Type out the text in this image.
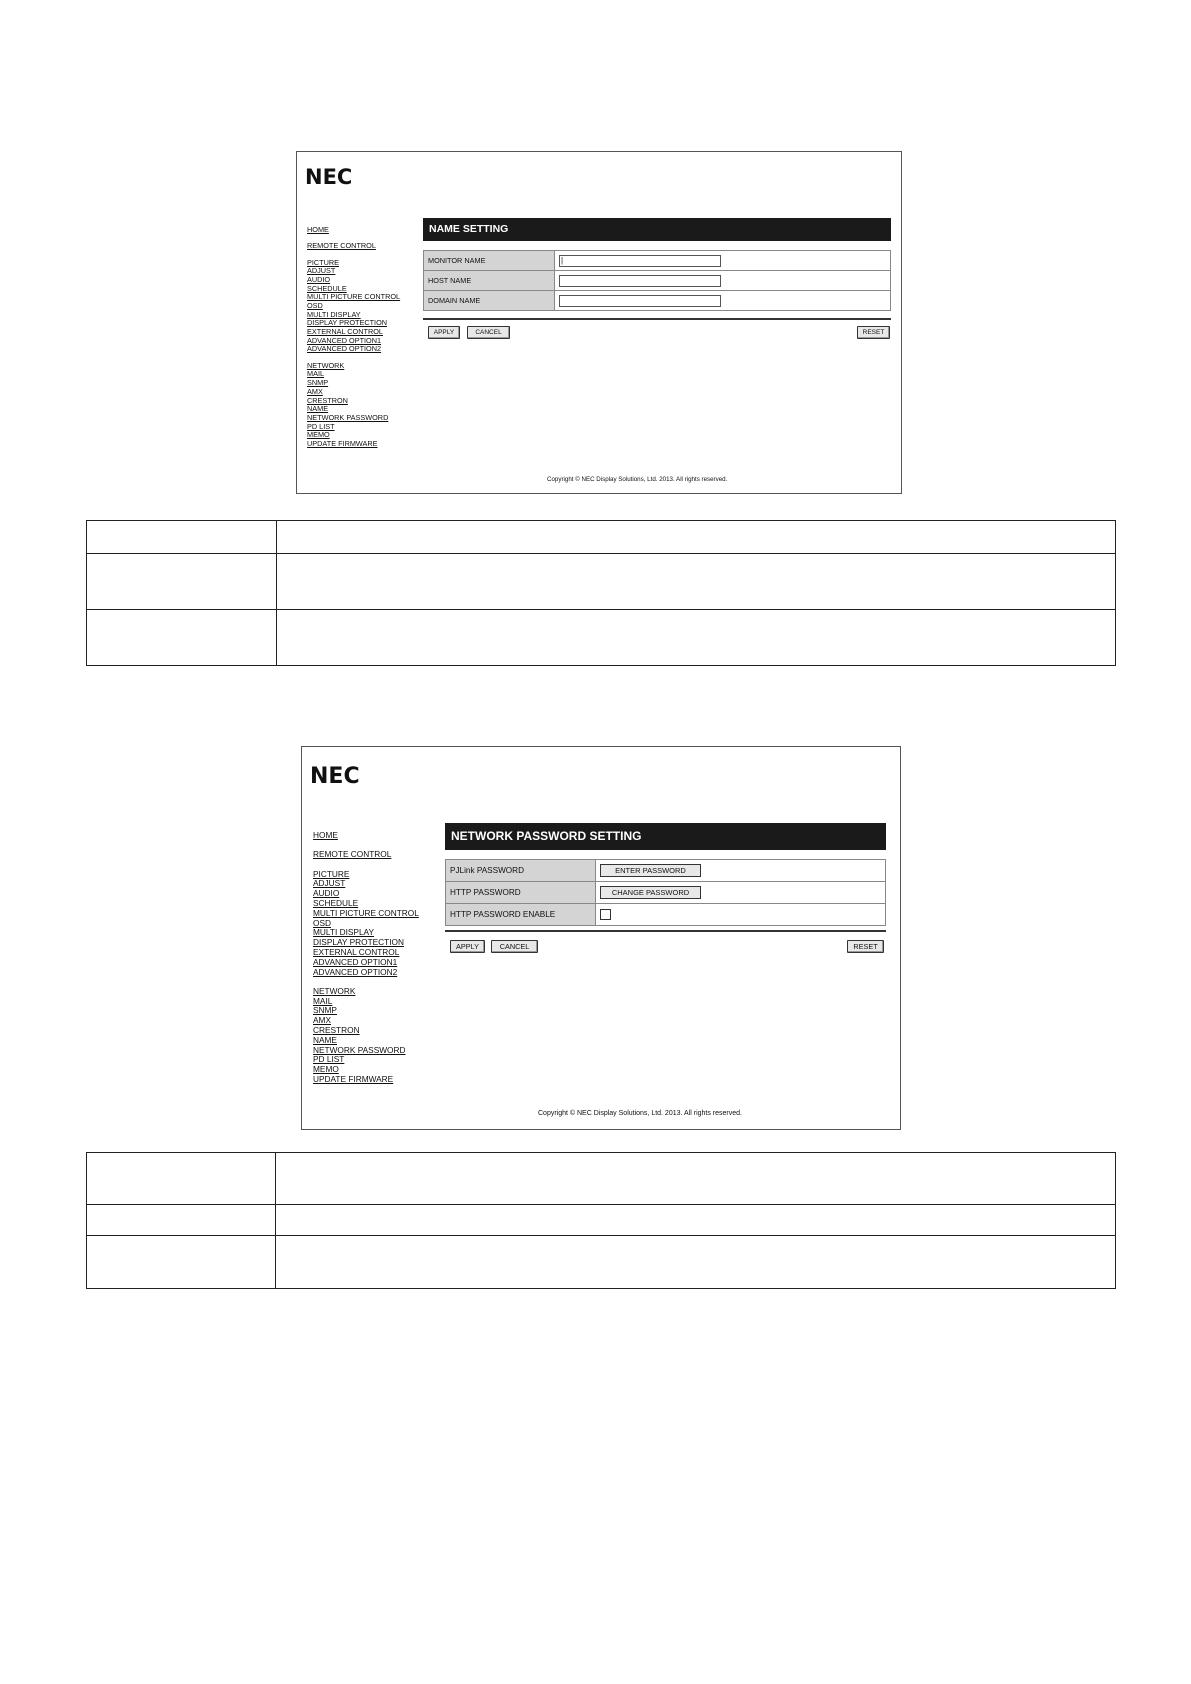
NEC
HOME
REMOTE CONTROL
PICTURE
ADJUST
AUDIO
SCHEDULE
MULTI PICTURE CONTROL
OSD
MULTI DISPLAY
DISPLAY PROTECTION
EXTERNAL CONTROL
ADVANCED OPTION1
ADVANCED OPTION2
NETWORK
MAIL
SNMP
AMX
CRESTRON
NAME
NETWORK PASSWORD
PD LIST
MEMO
UPDATE FIRMWARE
NAME SETTING
MONITOR NAME	|
HOST NAME	
DOMAIN NAME	
APPLY	CANCEL	RESET
Copyright © NEC Display Solutions, Ltd. 2013. All rights reserved.

NEC
HOME
REMOTE CONTROL
PICTURE
ADJUST
AUDIO
SCHEDULE
MULTI PICTURE CONTROL
OSD
MULTI DISPLAY
DISPLAY PROTECTION
EXTERNAL CONTROL
ADVANCED OPTION1
ADVANCED OPTION2
NETWORK
MAIL
SNMP
AMX
CRESTRON
NAME
NETWORK PASSWORD
PD LIST
MEMO
UPDATE FIRMWARE
NETWORK PASSWORD SETTING
PJLink PASSWORD	ENTER PASSWORD
HTTP PASSWORD	CHANGE PASSWORD
HTTP PASSWORD ENABLE	
APPLY	CANCEL	RESET
Copyright © NEC Display Solutions, Ltd. 2013. All rights reserved.
